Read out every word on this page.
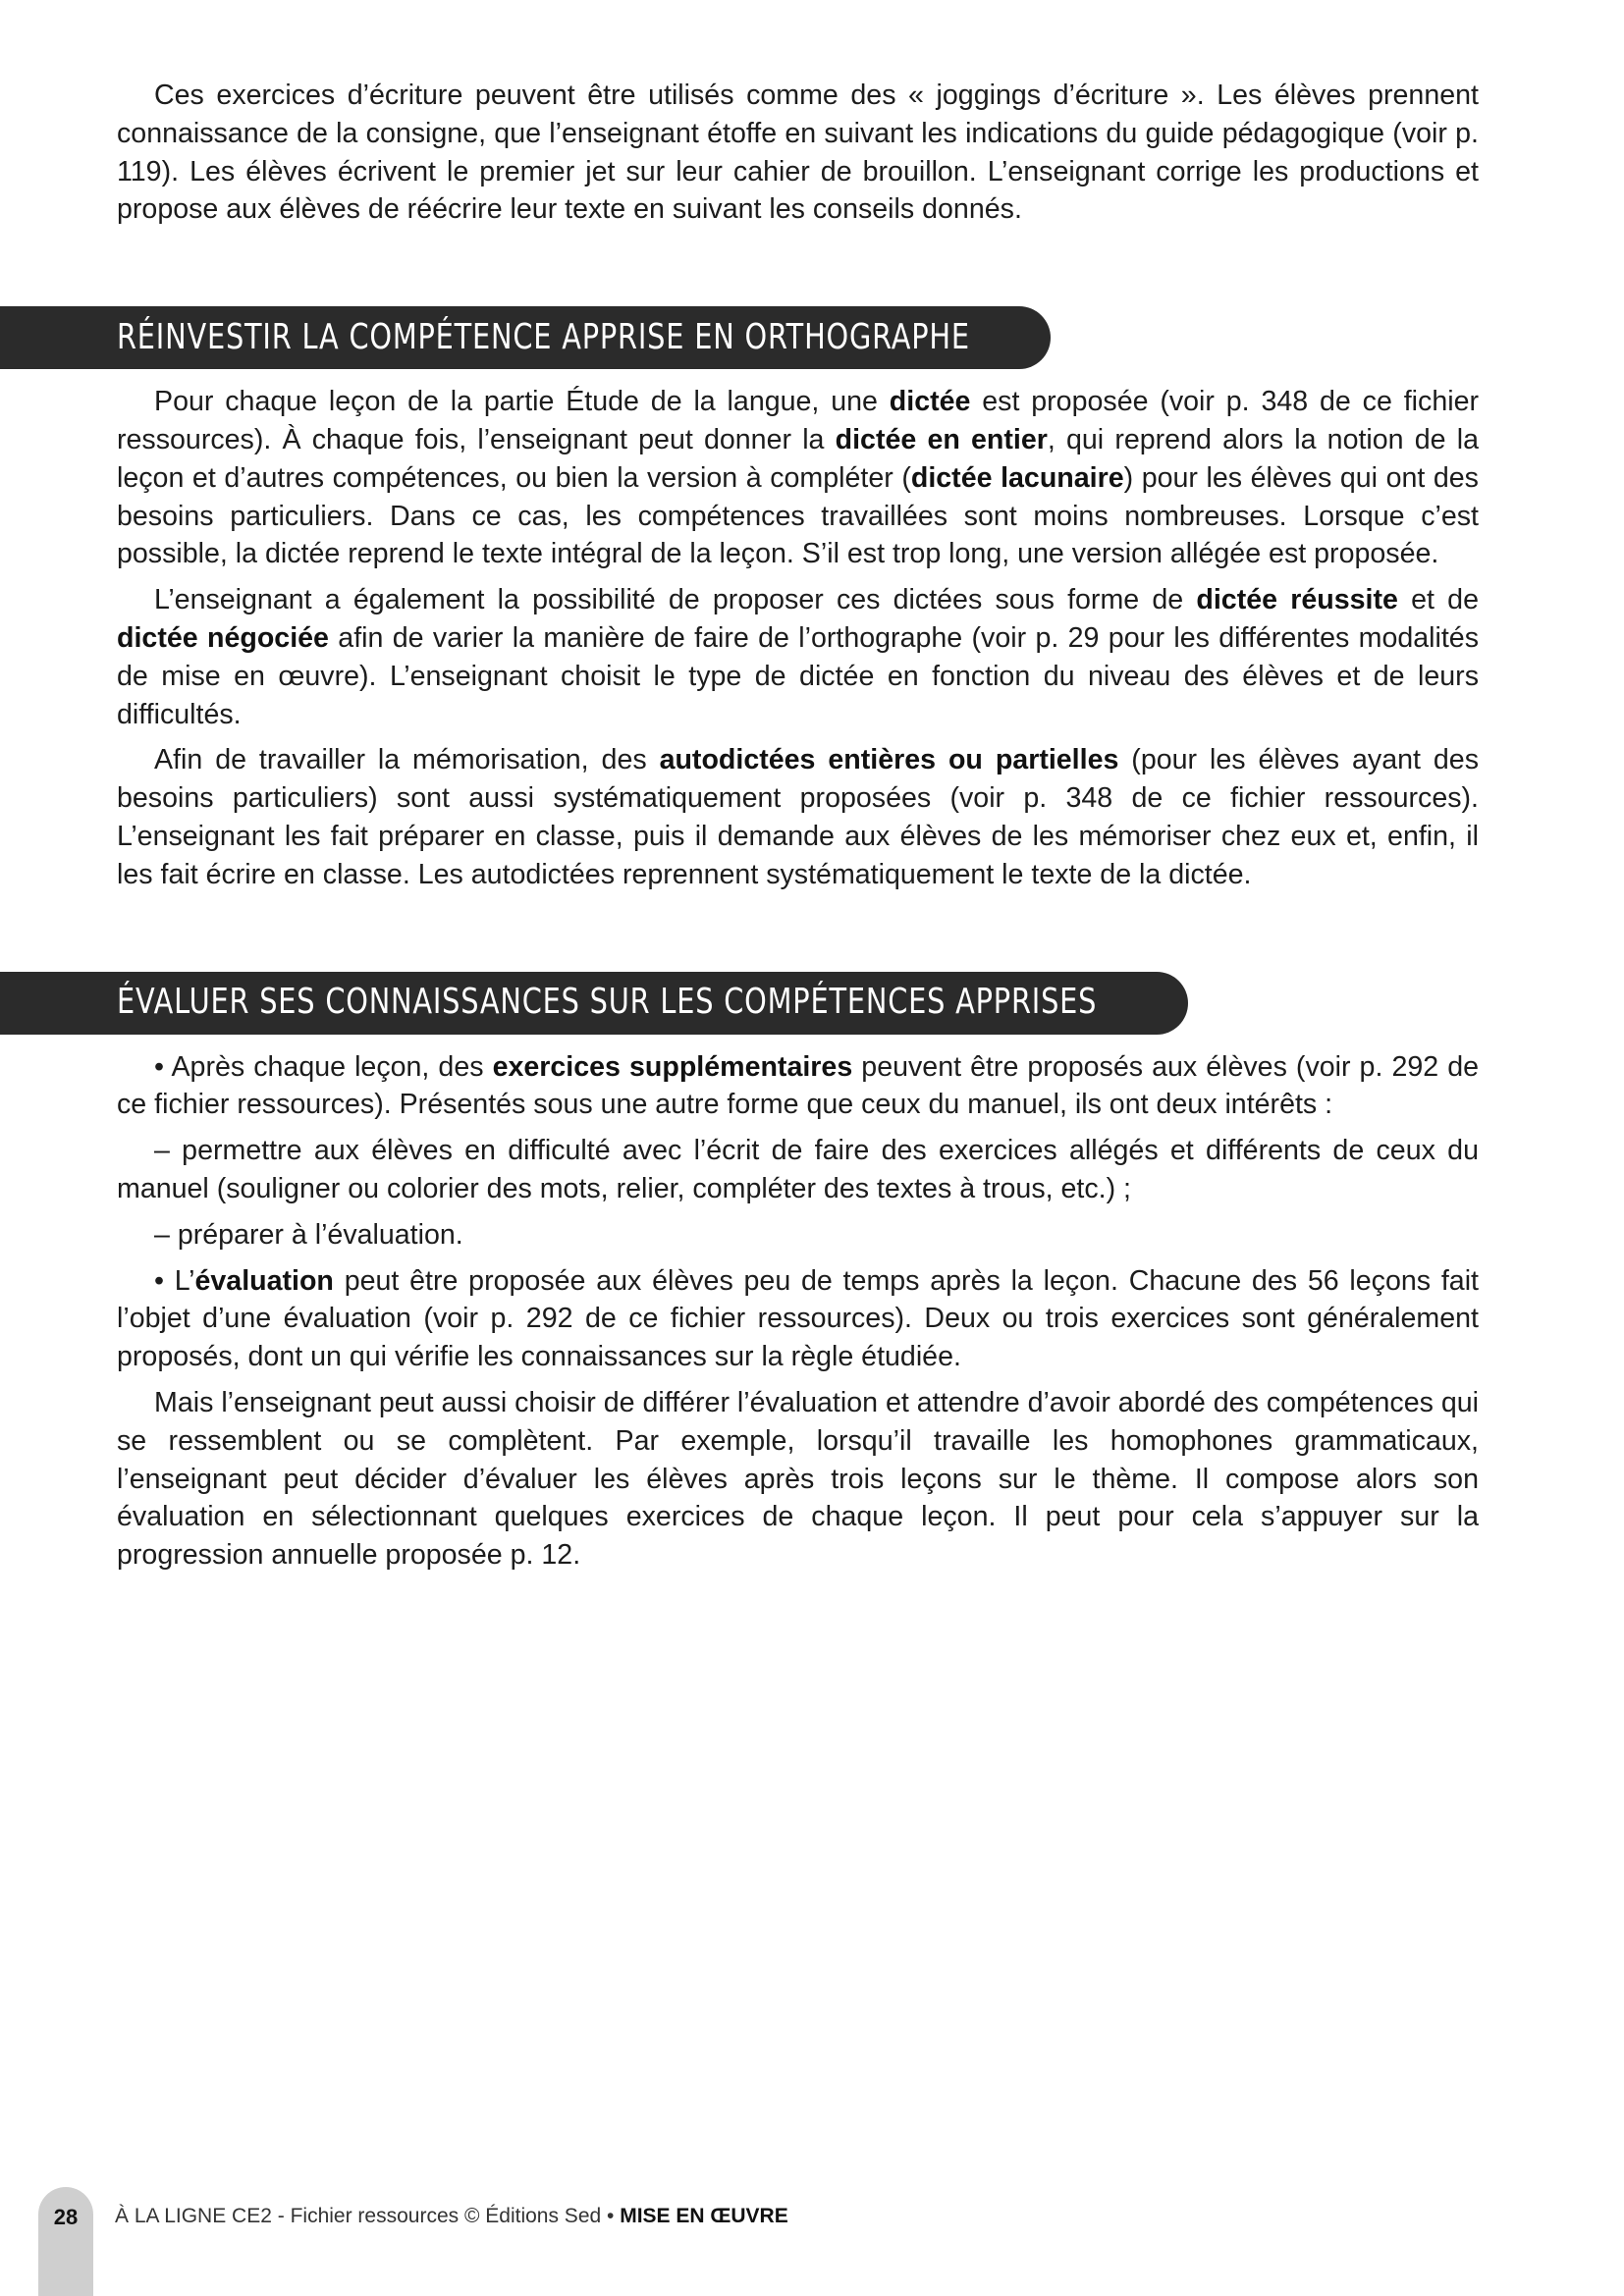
Ces exercices d’écriture peuvent être utilisés comme des « joggings d’écriture ». Les élèves prennent connaissance de la consigne, que l’enseignant étoffe en suivant les indications du guide pédagogique (voir p. 119). Les élèves écrivent le premier jet sur leur cahier de brouillon. L’enseignant corrige les productions et propose aux élèves de réécrire leur texte en suivant les conseils donnés.

RÉINVESTIR LA COMPÉTENCE APPRISE EN ORTHOGRAPHE

Pour chaque leçon de la partie Étude de la langue, une dictée est proposée (voir p. 348 de ce fichier ressources). À chaque fois, l’enseignant peut donner la dictée en entier, qui reprend alors la notion de la leçon et d’autres compétences, ou bien la version à compléter (dictée lacunaire) pour les élèves qui ont des besoins particuliers. Dans ce cas, les compétences travaillées sont moins nombreuses. Lorsque c’est possible, la dictée reprend le texte intégral de la leçon. S’il est trop long, une version allégée est proposée.

L’enseignant a également la possibilité de proposer ces dictées sous forme de dictée réussite et de dictée négociée afin de varier la manière de faire de l’orthographe (voir p. 29 pour les différentes modalités de mise en œuvre). L’enseignant choisit le type de dictée en fonction du niveau des élèves et de leurs difficultés.

Afin de travailler la mémorisation, des autodictées entières ou partielles (pour les élèves ayant des besoins particuliers) sont aussi systématiquement proposées (voir p. 348 de ce fichier ressources). L’enseignant les fait préparer en classe, puis il demande aux élèves de les mémoriser chez eux et, enfin, il les fait écrire en classe. Les autodictées reprennent systématiquement le texte de la dictée.

ÉVALUER SES CONNAISSANCES SUR LES COMPÉTENCES APPRISES

• Après chaque leçon, des exercices supplémentaires peuvent être proposés aux élèves (voir p. 292 de ce fichier ressources). Présentés sous une autre forme que ceux du manuel, ils ont deux intérêts :

– permettre aux élèves en difficulté avec l’écrit de faire des exercices allégés et différents de ceux du manuel (souligner ou colorier des mots, relier, compléter des textes à trous, etc.) ;

– préparer à l’évaluation.

• L’évaluation peut être proposée aux élèves peu de temps après la leçon. Chacune des 56 leçons fait l’objet d’une évaluation (voir p. 292 de ce fichier ressources). Deux ou trois exercices sont généralement proposés, dont un qui vérifie les connaissances sur la règle étudiée.

Mais l’enseignant peut aussi choisir de différer l’évaluation et attendre d’avoir abordé des compétences qui se ressemblent ou se complètent. Par exemple, lorsqu’il travaille les homophones grammaticaux, l’enseignant peut décider d’évaluer les élèves après trois leçons sur le thème. Il compose alors son évaluation en sélectionnant quelques exercices de chaque leçon. Il peut pour cela s’appuyer sur la progression annuelle proposée p. 12.

28	À LA LIGNE CE2 - Fichier ressources © Éditions Sed • MISE EN ŒUVRE
